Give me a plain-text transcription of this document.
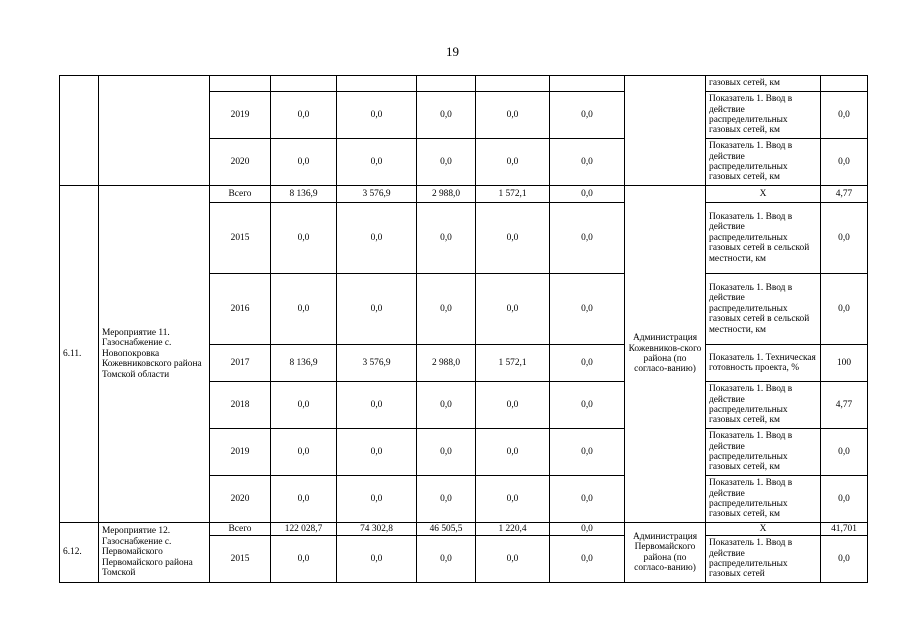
19
									газовых сетей, км	
		2019	0,0	0,0	0,0	0,0	0,0		Показатель 1. Ввод в действие распределительных газовых сетей, км	0,0
		2020	0,0	0,0	0,0	0,0	0,0		Показатель 1. Ввод в действие распределительных газовых сетей, км	0,0
6.11.	Мероприятие 11. Газоснабжение с. Новопокровка Кожевниковского района Томской области	Всего	8 136,9	3 576,9	2 988,0	1 572,1	0,0	Администрация Кожевников-ского района (по согласо-ванию)	X	4,77
		2015	0,0	0,0	0,0	0,0	0,0		Показатель 1. Ввод в действие распределительных газовых сетей в сельской местности, км	0,0
		2016	0,0	0,0	0,0	0,0	0,0		Показатель 1. Ввод в действие распределительных газовых сетей в сельской местности, км	0,0
		2017	8 136,9	3 576,9	2 988,0	1 572,1	0,0		Показатель 1. Техническая готовность проекта, %	100
		2018	0,0	0,0	0,0	0,0	0,0		Показатель 1. Ввод в действие распределительных газовых сетей, км	4,77
		2019	0,0	0,0	0,0	0,0	0,0		Показатель 1. Ввод в действие распределительных газовых сетей, км	0,0
		2020	0,0	0,0	0,0	0,0	0,0		Показатель 1. Ввод в действие распределительных газовых сетей, км	0,0
6.12.	Мероприятие 12. Газоснабжение с. Первомайского Первомайского района Томской	Всего	122 028,7	74 302,8	46 505,5	1 220,4	0,0	Администрация Первомайского района (по согласо-ванию)	X	41,701
		2015	0,0	0,0	0,0	0,0	0,0		Показатель 1. Ввод в действие распределительных газовых сетей	0,0
